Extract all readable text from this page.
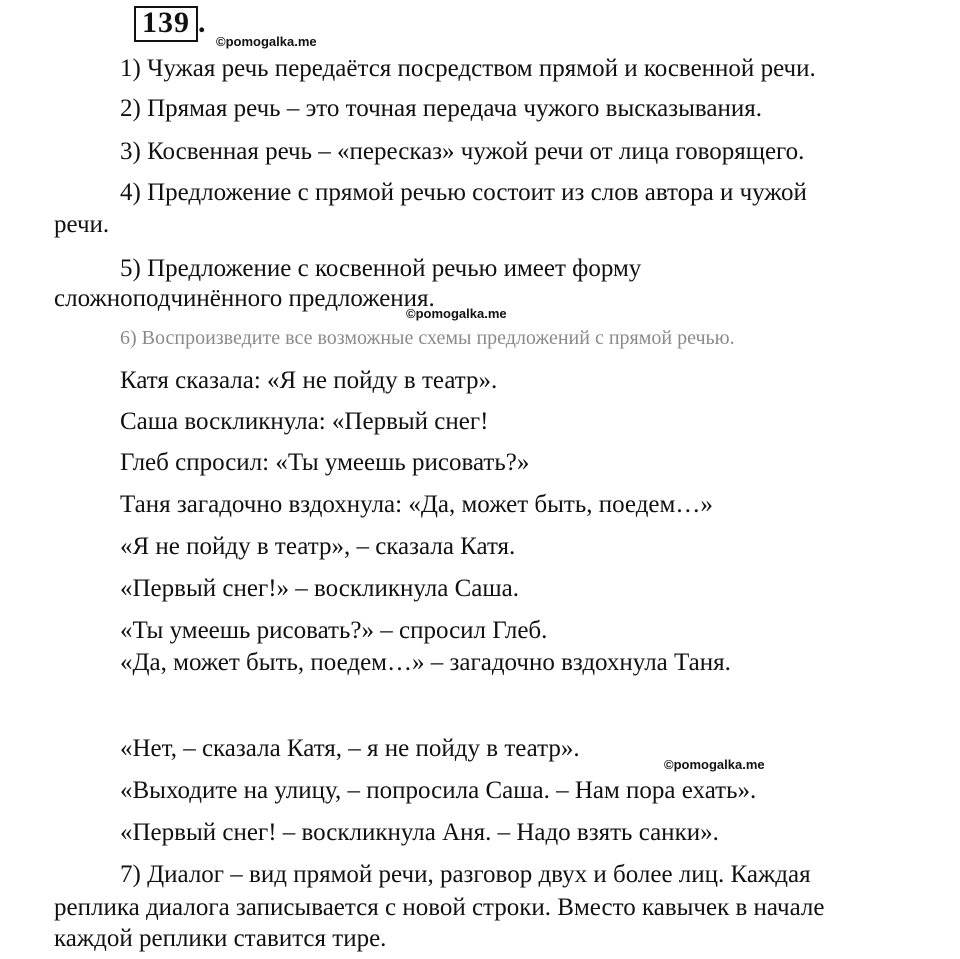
139 .
©pomogalka.me
©pomogalka.me
©pomogalka.me
1) Чужая речь передаётся посредством прямой и косвенной речи.
2) Прямая речь – это точная передача чужого высказывания.
3) Косвенная речь – «пересказ» чужой речи от лица говорящего.
4) Предложение с прямой речью состоит из слов автора и чужой
речи.
5) Предложение с косвенной речью имеет форму
сложноподчинённого предложения.
6) Воспроизведите все возможные схемы предложений с прямой речью.
Катя сказала: «Я не пойду в театр».
Саша воскликнула: «Первый снег!
Глеб спросил: «Ты умеешь рисовать?»
Таня загадочно вздохнула: «Да, может быть, поедем…»
«Я не пойду в театр», – сказала Катя.
«Первый снег!» – воскликнула Саша.
«Ты умеешь рисовать?» – спросил Глеб.
«Да, может быть, поедем…» – загадочно вздохнула Таня.
«Нет, – сказала Катя, – я не пойду в театр».
«Выходите на улицу, – попросила Саша. – Нам пора ехать».
«Первый снег! – воскликнула Аня. – Надо взять санки».
7) Диалог – вид прямой речи, разговор двух и более лиц. Каждая
реплика диалога записывается с новой строки. Вместо кавычек в начале
каждой реплики ставится тире.
